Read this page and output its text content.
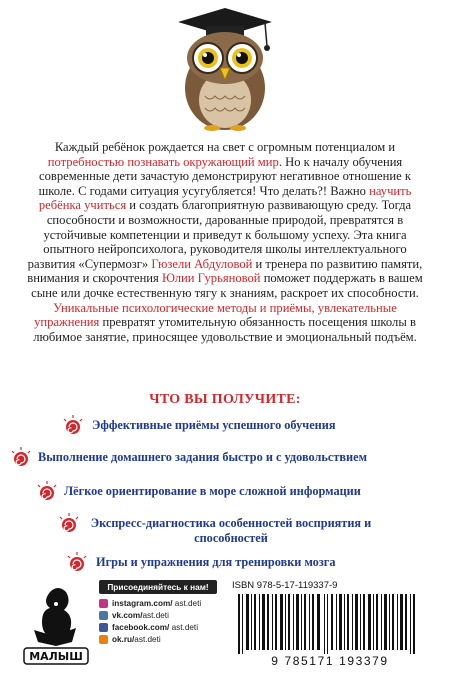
Каждый ребёнок рождается на свет с огромным потенциалом и потребностью познавать окружающий мир. Но к началу обучения современные дети зачастую демонстрируют негативное отношение к школе. С годами ситуация усугубляется! Что делать?! Важно научить ребёнка учиться и создать благоприятную развивающую среду. Тогда способности и возможности, дарованные природой, превратятся в устойчивые компетенции и приведут к большому успеху. Эта книга опытного нейропсихолога, руководителя школы интеллектуального развития «Супермозг» Гюзели Абдуловой и тренера по развитию памяти, внимания и скорочтения Юлии Гурьяновой поможет поддержать в вашем сыне или дочке естественную тягу к знаниям, раскроет их способности. Уникальные психологические методы и приёмы, увлекательные упражнения превратят утомительную обязанность посещения школы в любимое занятие, приносящее удовольствие и эмоциональный подъём.
ЧТО ВЫ ПОЛУЧИТЕ:
Эффективные приёмы успешного обучения
Выполнение домашнего задания быстро и с удовольствием
Лёгкое ориентирование в море сложной информации
Экспресс-диагностика особенностей восприятия и способностей
Игры и упражнения для тренировки мозга
МАЛЫШ
Присоединяйтесь к нам!
instagram.com/
ast.deti
vk.com/ ast.deti
facebook.com/
ast.deti
ok.ru/ ast.deti
ISBN 978-5-17-119337-9
9 785171 193379
